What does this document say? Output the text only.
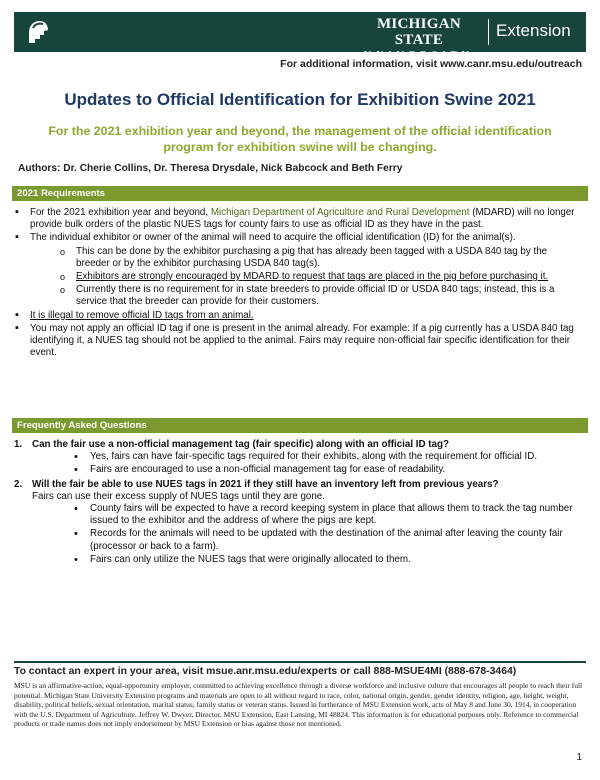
MICHIGAN STATE
UNIVERSITY
Extension
For additional information, visit www.canr.msu.edu/outreach
Updates to Official Identification for Exhibition Swine 2021
For the 2021 exhibition year and beyond, the management of the official identification program for exhibition swine will be changing.
Authors: Dr. Cherie Collins, Dr. Theresa Drysdale, Nick Babcock and Beth Ferry
2021 Requirements
▪ For the 2021 exhibition year and beyond, Michigan Department of Agriculture and Rural Development (MDARD) will no longer provide bulk orders of the plastic NUES tags for county fairs to use as official ID as they have in the past.
▪ The individual exhibitor or owner of the animal will need to acquire the official identification (ID) for the animal(s).
o This can be done by the exhibitor purchasing a pig that has already been tagged with a USDA 840 tag by the breeder or by the exhibitor purchasing USDA 840 tag(s).
o Exhibitors are strongly encouraged by MDARD to request that tags are placed in the pig before purchasing it.
o Currently there is no requirement for in state breeders to provide official ID or USDA 840 tags; instead, this is a service that the breeder can provide for their customers.
▪ It is illegal to remove official ID tags from an animal.
▪ You may not apply an official ID tag if one is present in the animal already. For example: If a pig currently has a USDA 840 tag identifying it, a NUES tag should not be applied to the animal. Fairs may require non-official fair specific identification for their event.
Frequently Asked Questions
1. Can the fair use a non-official management tag (fair specific) along with an official ID tag?
• Yes, fairs can have fair-specific tags required for their exhibits, along with the requirement for official ID.
• Fairs are encouraged to use a non-official management tag for ease of readability.
2. Will the fair be able to use NUES tags in 2021 if they still have an inventory left from previous years?
Fairs can use their excess supply of NUES tags until they are gone.
• County fairs will be expected to have a record keeping system in place that allows them to track the tag number issued to the exhibitor and the address of where the pigs are kept.
• Records for the animals will need to be updated with the destination of the animal after leaving the county fair (processor or back to a farm).
• Fairs can only utilize the NUES tags that were originally allocated to them.
To contact an expert in your area, visit msue.anr.msu.edu/experts or call 888-MSUE4MI (888-678-3464)
MSU is an affirmative-action, equal-opportunity employer, committed to achieving excellence through a diverse workforce and inclusive culture that encourages all people to reach their full potential. Michigan State University Extension programs and materials are open to all without regard to race, color, national origin, gender, gender identity, religion, age, height, weight, disability, political beliefs, sexual orientation, marital status, family status or veteran status. Issued in furtherance of MSU Extension work, acts of May 8 and June 30, 1914, in cooperation with the U.S. Department of Agriculture. Jeffrey W. Dwyer, Director, MSU Extension, East Lansing, MI 48824. This information is for educational purposes only. Reference to commercial products or trade names does not imply endorsement by MSU Extension or bias against those not mentioned.
1
